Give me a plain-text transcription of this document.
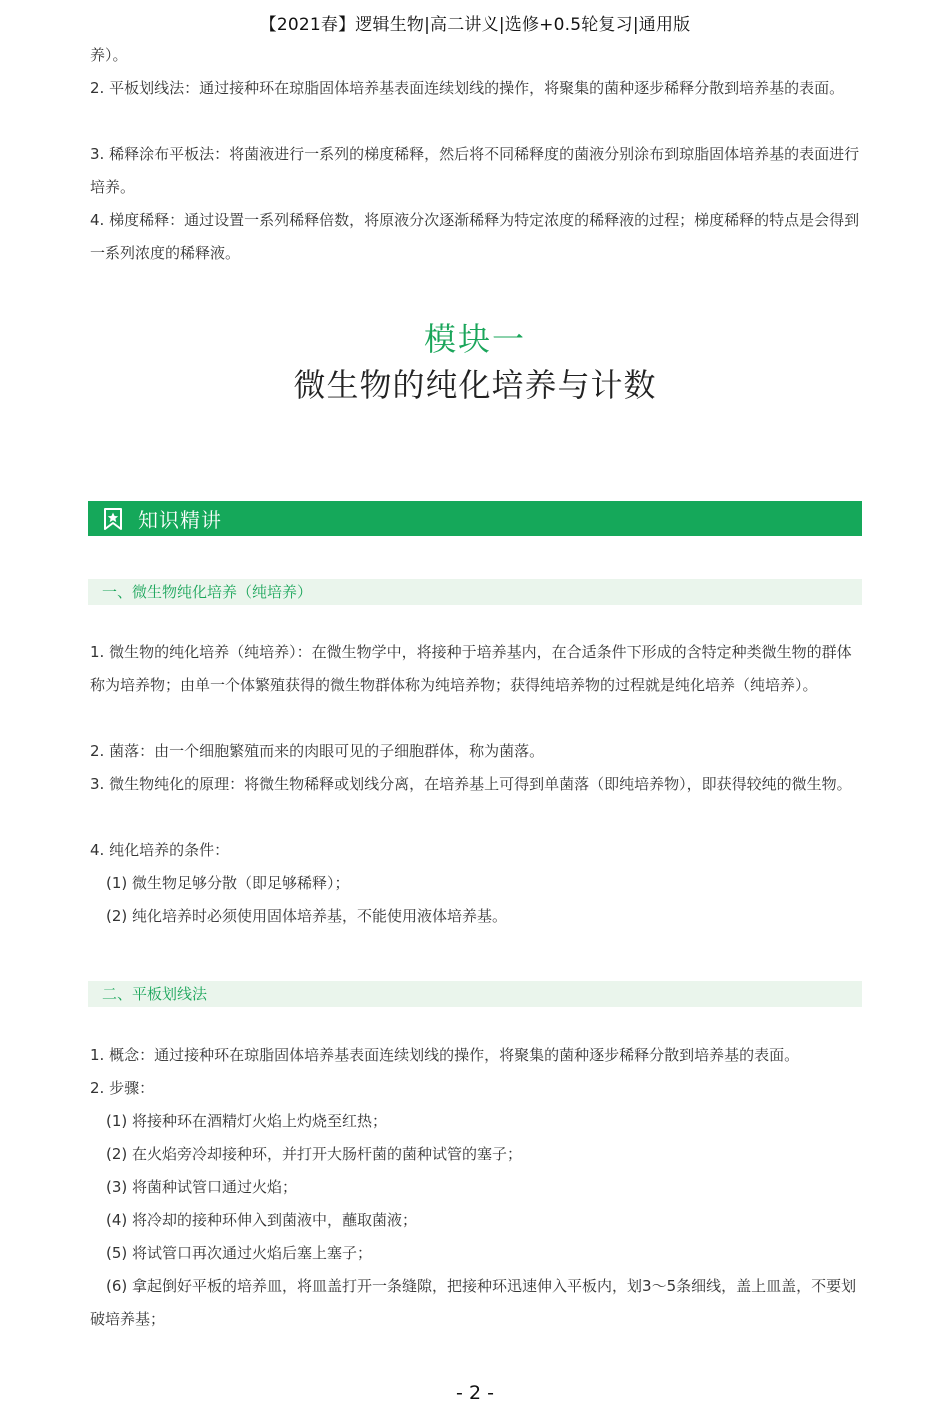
【2021春】逻辑生物|高二讲义|选修+0.5轮复习|通用版

养）。

2. 平板划线法：通过接种环在琼脂固体培养基表面连续划线的操作，将聚集的菌种逐步稀释分散到培养基的表面。

3. 稀释涂布平板法：将菌液进行一系列的梯度稀释，然后将不同稀释度的菌液分别涂布到琼脂固体培养基的表面进行培养。

4. 梯度稀释：通过设置一系列稀释倍数，将原液分次逐渐稀释为特定浓度的稀释液的过程；梯度稀释的特点是会得到一系列浓度的稀释液。

模块一
微生物的纯化培养与计数
知识精讲
一、微生物纯化培养（纯培养）

1. 微生物的纯化培养（纯培养）：在微生物学中，将接种于培养基内，在合适条件下形成的含特定种类微生物的群体称为培养物；由单一个体繁殖获得的微生物群体称为纯培养物；获得纯培养物的过程就是纯化培养（纯培养）。

2. 菌落：由一个细胞繁殖而来的肉眼可见的子细胞群体，称为菌落。

3. 微生物纯化的原理：将微生物稀释或划线分离，在培养基上可得到单菌落（即纯培养物），即获得较纯的微生物。

4. 纯化培养的条件：

(1) 微生物足够分散（即足够稀释）；

(2) 纯化培养时必须使用固体培养基，不能使用液体培养基。

二、平板划线法

1. 概念：通过接种环在琼脂固体培养基表面连续划线的操作，将聚集的菌种逐步稀释分散到培养基的表面。

2. 步骤：

(1) 将接种环在酒精灯火焰上灼烧至红热；

(2) 在火焰旁冷却接种环，并打开大肠杆菌的菌种试管的塞子；

(3) 将菌种试管口通过火焰；

(4) 将冷却的接种环伸入到菌液中，蘸取菌液；

(5) 将试管口再次通过火焰后塞上塞子；

(6) 拿起倒好平板的培养皿，将皿盖打开一条缝隙，把接种环迅速伸入平板内，划3～5条细线，盖上皿盖，不要划破培养基；

- 2 -
